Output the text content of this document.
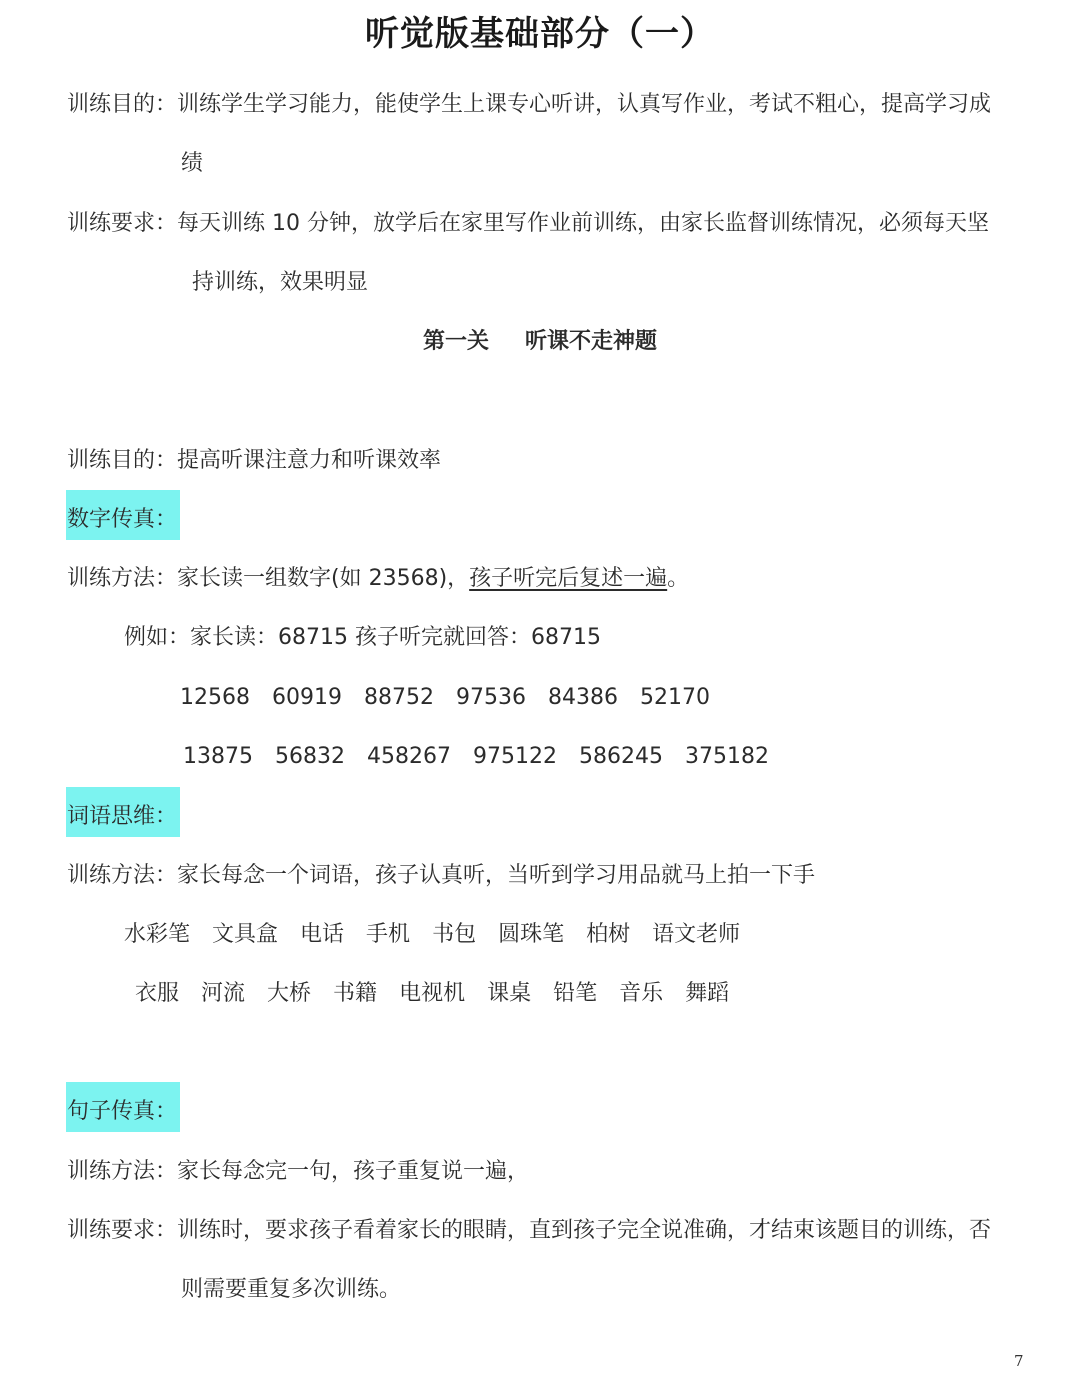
听觉版基础部分（一）
训练目的：训练学生学习能力，能使学生上课专心听讲，认真写作业，考试不粗心，提高学习成
绩
训练要求：每天训练 10 分钟，放学后在家里写作业前训练，由家长监督训练情况，必须每天坚
持训练，效果明显
第一关 听课不走神题
训练目的：提高听课注意力和听课效率
数字传真：
训练方法：家长读一组数字(如 23568)，孩子听完后复述一遍。
例如：家长读：68715 孩子听完就回答：68715
12568 60919 88752 97536 84386 52170
13875 56832 458267 975122 586245 375182
词语思维：
训练方法：家长每念一个词语，孩子认真听，当听到学习用品就马上拍一下手
水彩笔 文具盒 电话 手机 书包 圆珠笔 柏树 语文老师
衣服 河流 大桥 书籍 电视机 课桌 铅笔 音乐 舞蹈
句子传真：
训练方法：家长每念完一句，孩子重复说一遍，
训练要求：训练时，要求孩子看着家长的眼睛，直到孩子完全说准确，才结束该题目的训练，否
则需要重复多次训练。
7
